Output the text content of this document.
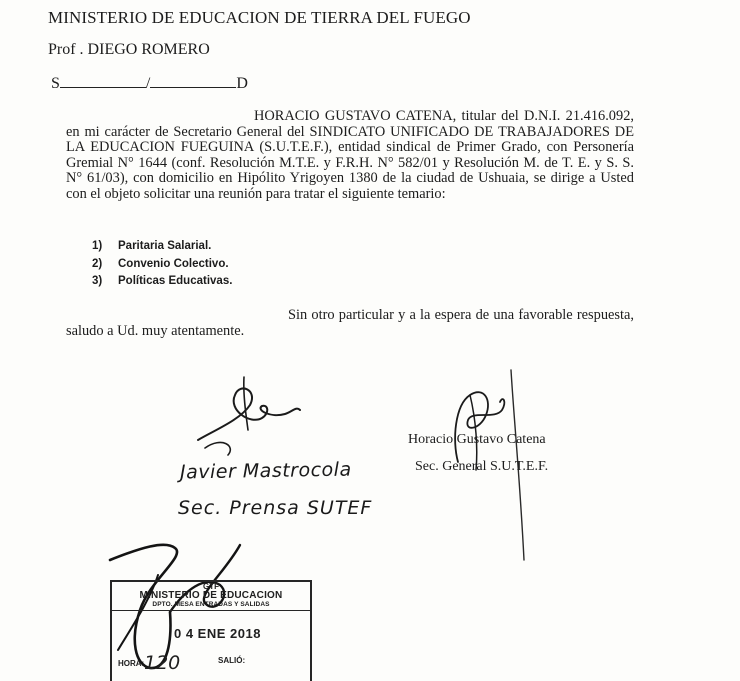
MINISTERIO DE EDUCACION DE TIERRA DEL FUEGO
Prof . DIEGO ROMERO
S	/	D
HORACIO GUSTAVO CATENA, titular del D.N.I. 21.416.092, en mi carácter de Secretario General del SINDICATO UNIFICADO DE TRABAJADORES DE LA EDUCACION FUEGUINA (S.U.T.E.F.), entidad sindical de Primer Grado, con Personería Gremial N° 1644 (conf. Resolución M.T.E. y F.R.H. N° 582/01 y Resolución M. de T. E. y S. S. N° 61/03), con domicilio en Hipólito Yrigoyen 1380 de la ciudad de Ushuaia, se dirige a Usted con el objeto solicitar una reunión para tratar el siguiente temario:
1) Paritaria Salarial.
2) Convenio Colectivo.
3) Políticas Educativas.
Sin otro particular y a la espera de una favorable respuesta, saludo a Ud. muy atentamente.
Javier Mastrocola
Sec. Prensa SUTEF
Horacio Gustavo Catena
Sec. General S.U.T.E.F.
GTF
MINISTERIO DE EDUCACION
DPTO. MESA ENTRADAS Y SALIDAS
0 4 ENE 2018
HORA: 120	SALIÓ:
